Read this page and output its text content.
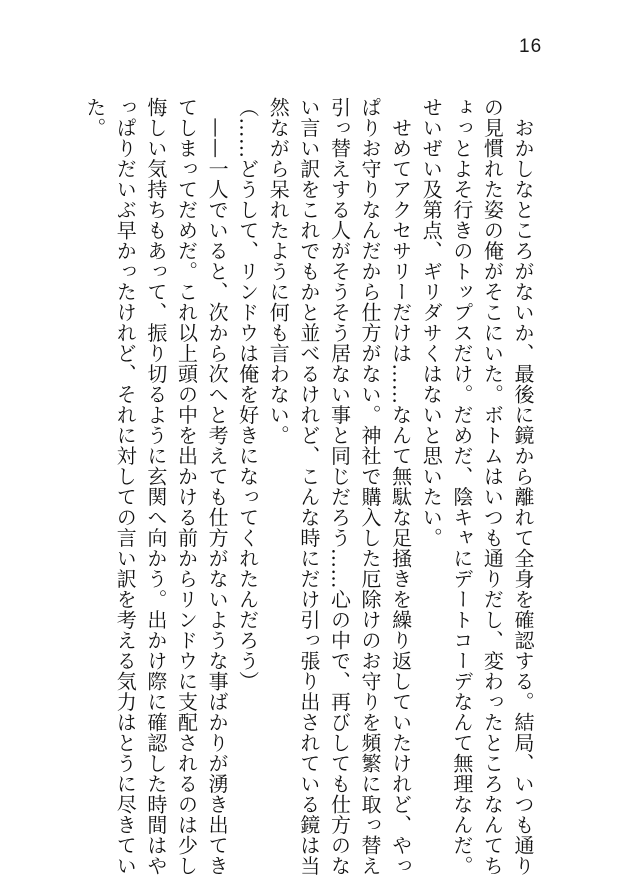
16
　おかしなところがないか、最後に鏡から離れて全身を確認する。結局、いつも通り
の見慣れた姿の俺がそこにいた。ボトムはいつも通りだし、変わったところなんてち
ょっとよそ行きのトップスだけ。だめだ、陰キャにデートコーデなんて無理なんだ。
せいぜい及第点、ギリダサくはないと思いたい。
　せめてアクセサリーだけは……なんて無駄な足掻きを繰り返していたけれど、やっ
ぱりお守りなんだから仕方がない。神社で購入した厄除けのお守りを頻繁に取っ替え
引っ替えする人がそうそう居ない事と同じだろう……心の中で、再びしても仕方のな
い言い訳をこれでもかと並べるけれど、こんな時にだけ引っ張り出されている鏡は当
然ながら呆れたように何も言わない。
（……どうして、リンドウは俺を好きになってくれたんだろう）
　——一人でいると、次から次へと考えても仕方がないような事ばかりが湧き出てき
てしまってだめだ。これ以上頭の中を出かける前からリンドウに支配されるのは少し
悔しい気持ちもあって、振り切るように玄関へ向かう。出かけ際に確認した時間はや
っぱりだいぶ早かったけれど、それに対しての言い訳を考える気力はとうに尽きてい
た。
